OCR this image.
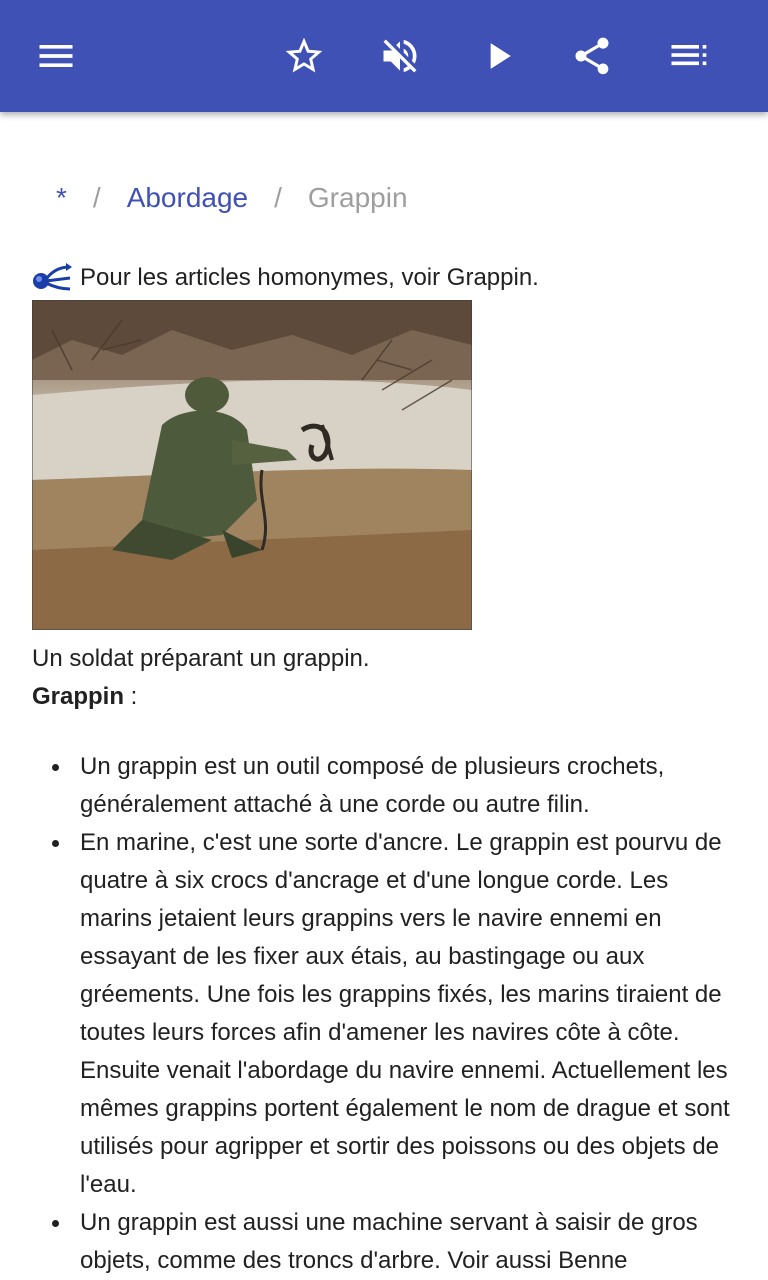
* / Abordage / Grappin
Pour les articles homonymes, voir Grappin.

Un soldat préparant un grappin.

Grappin :

Un grappin est un outil composé de plusieurs crochets, généralement attaché à une corde ou autre filin.
En marine, c'est une sorte d'ancre. Le grappin est pourvu de quatre à six crocs d'ancrage et d'une longue corde. Les marins jetaient leurs grappins vers le navire ennemi en essayant de les fixer aux étais, au bastingage ou aux gréements. Une fois les grappins fixés, les marins tiraient de toutes leurs forces afin d'amener les navires côte à côte. Ensuite venait l'abordage du navire ennemi. Actuellement les mêmes grappins portent également le nom de drague et sont utilisés pour agripper et sortir des poissons ou des objets de l'eau.
Un grappin est aussi une machine servant à saisir de gros objets, comme des troncs d'arbre. Voir aussi Benne
